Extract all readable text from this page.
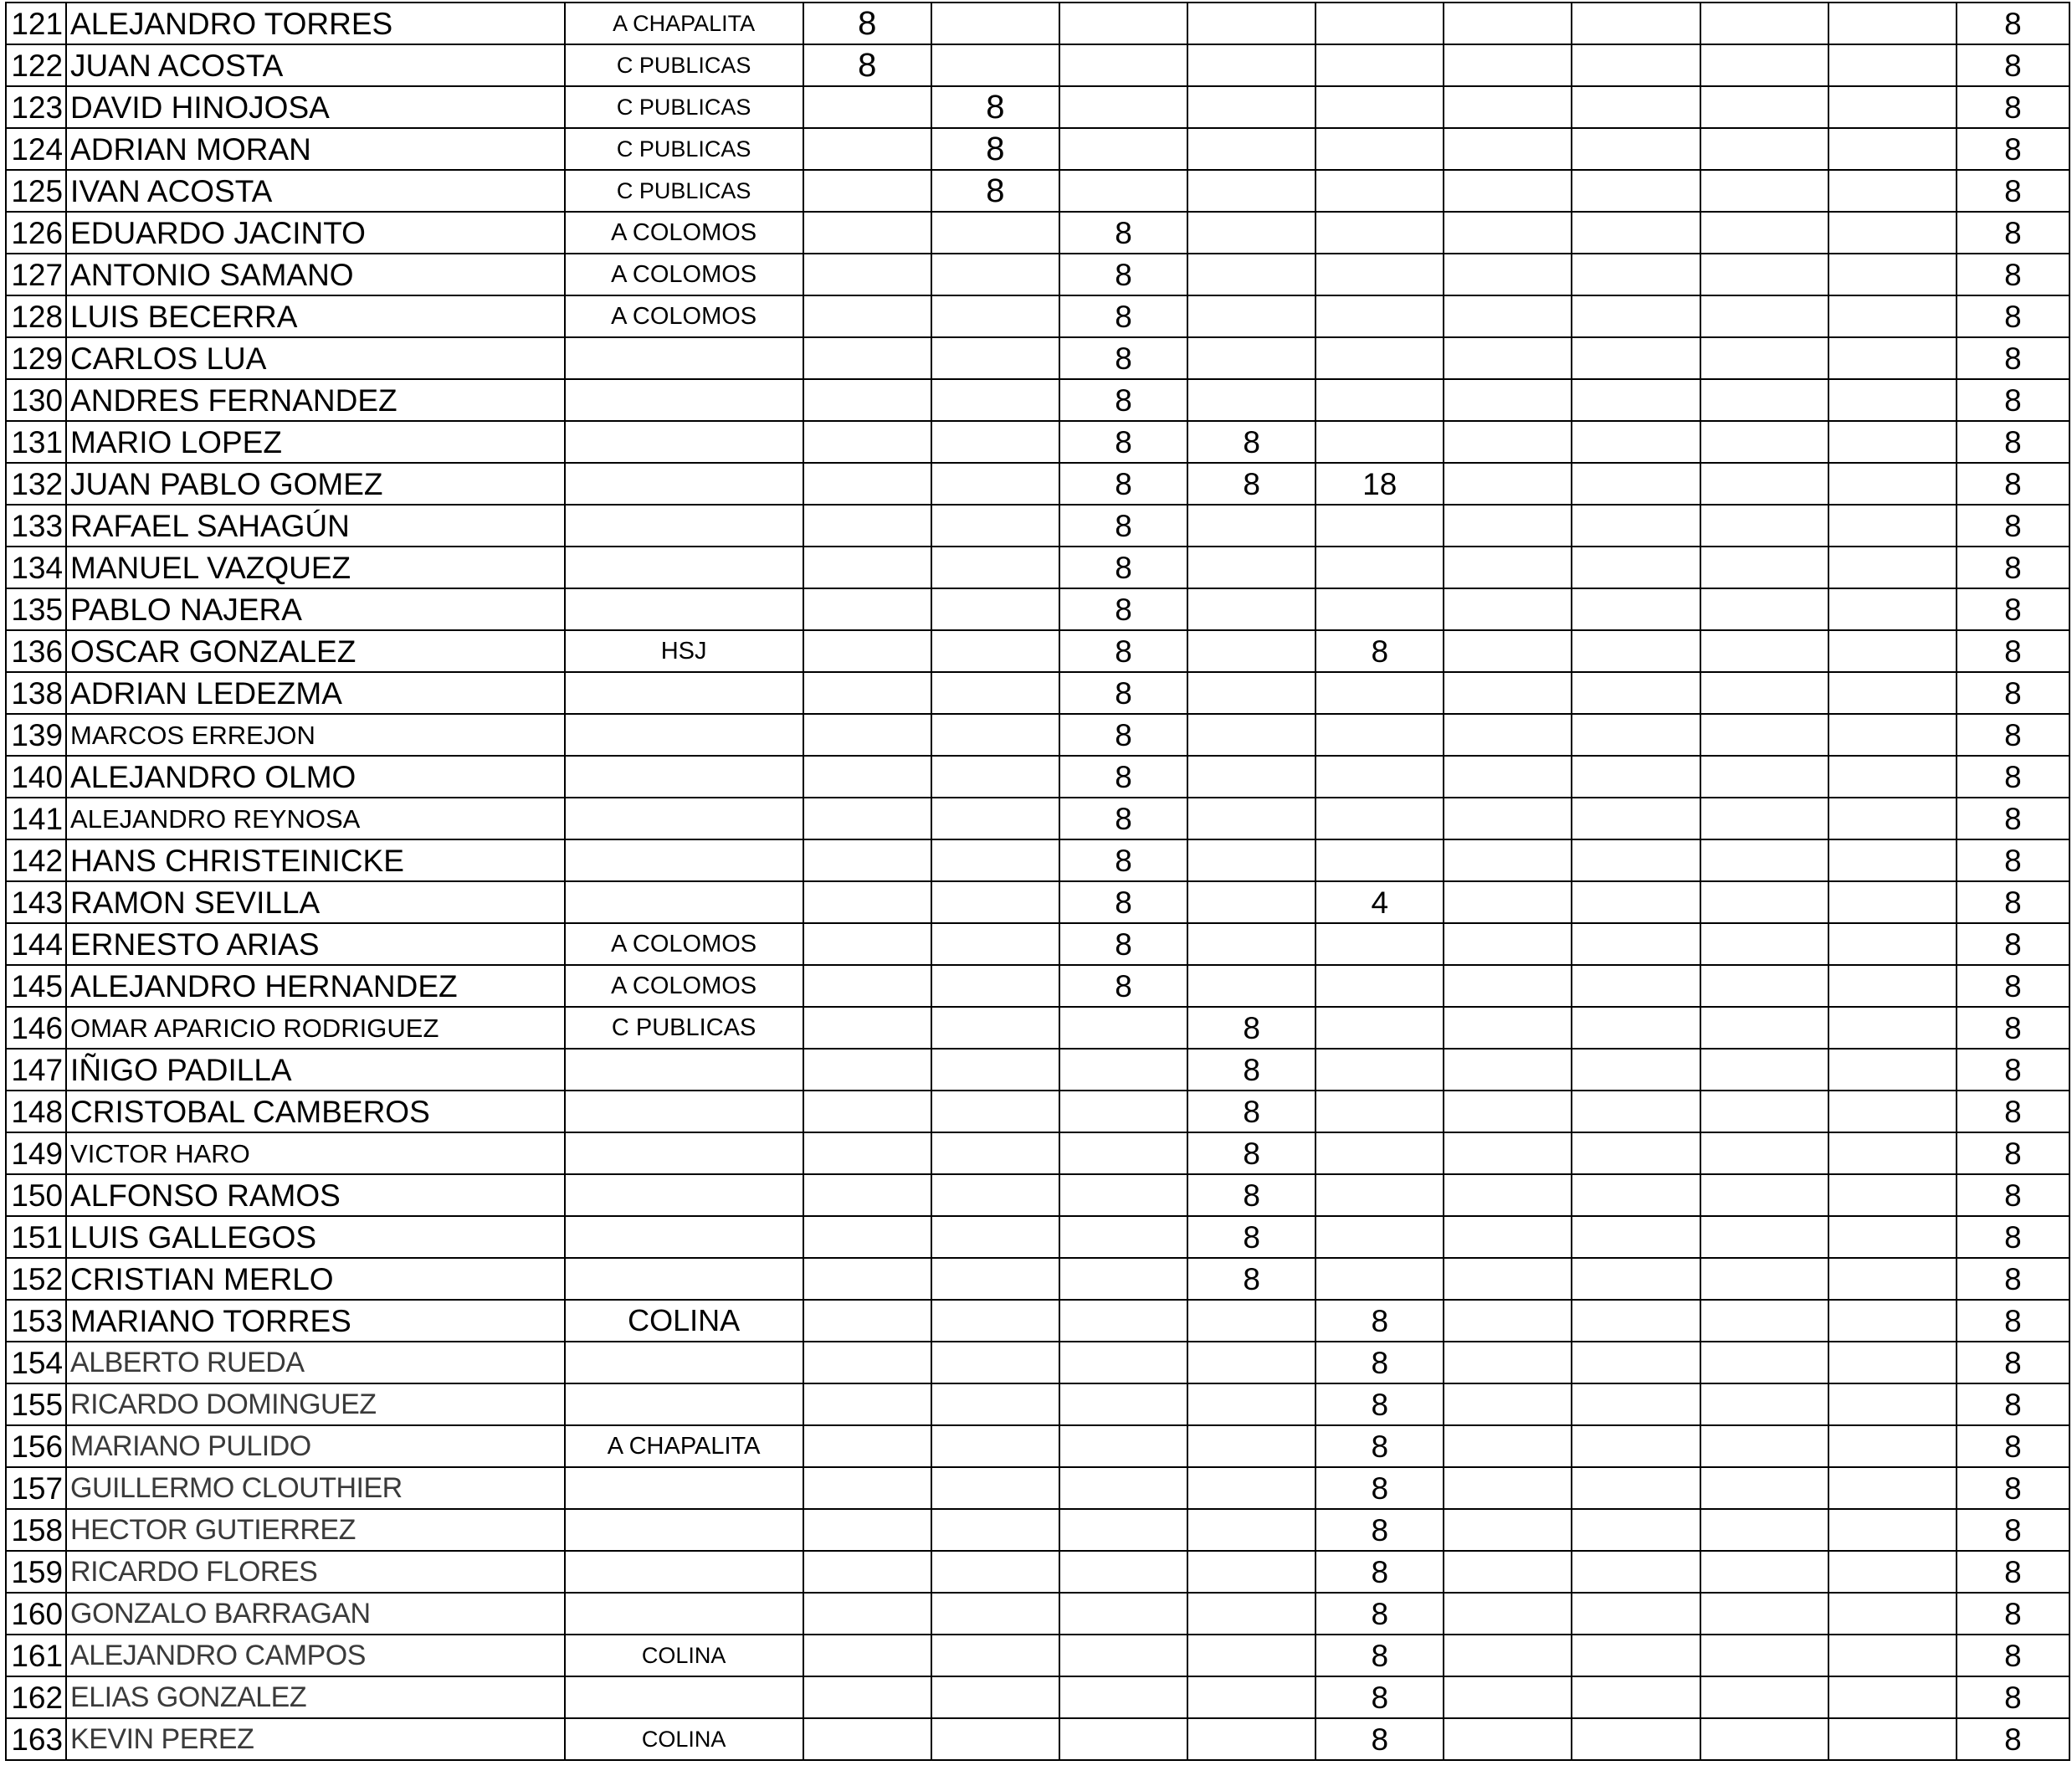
121	ALEJANDRO TORRES	A CHAPALITA	8									8
122	JUAN ACOSTA	C PUBLICAS	8									8
123	DAVID HINOJOSA	C PUBLICAS		8								8
124	ADRIAN MORAN	C PUBLICAS		8								8
125	IVAN ACOSTA	C PUBLICAS		8								8
126	EDUARDO JACINTO	A COLOMOS			8							8
127	ANTONIO SAMANO	A COLOMOS			8							8
128	LUIS BECERRA	A COLOMOS			8							8
129	CARLOS LUA				8							8
130	ANDRES FERNANDEZ				8							8
131	MARIO LOPEZ				8	8						8
132	JUAN PABLO GOMEZ				8	8	18					8
133	RAFAEL SAHAGÚN				8							8
134	MANUEL VAZQUEZ				8							8
135	PABLO NAJERA				8							8
136	OSCAR GONZALEZ	HSJ			8		8					8
138	ADRIAN LEDEZMA				8							8
139	MARCOS ERREJON				8							8
140	ALEJANDRO OLMO				8							8
141	ALEJANDRO REYNOSA				8							8
142	HANS CHRISTEINICKE				8							8
143	RAMON SEVILLA				8		4					8
144	ERNESTO ARIAS	A COLOMOS			8							8
145	ALEJANDRO HERNANDEZ	A COLOMOS			8							8
146	OMAR APARICIO RODRIGUEZ	C PUBLICAS				8						8
147	IÑIGO PADILLA					8						8
148	CRISTOBAL CAMBEROS					8						8
149	VICTOR HARO					8						8
150	ALFONSO RAMOS					8						8
151	LUIS GALLEGOS					8						8
152	CRISTIAN MERLO					8						8
153	MARIANO TORRES	COLINA					8					8
154	ALBERTO RUEDA						8					8
155	RICARDO DOMINGUEZ						8					8
156	MARIANO PULIDO	A CHAPALITA					8					8
157	GUILLERMO CLOUTHIER						8					8
158	HECTOR GUTIERREZ						8					8
159	RICARDO FLORES						8					8
160	GONZALO BARRAGAN						8					8
161	ALEJANDRO CAMPOS	COLINA					8					8
162	ELIAS GONZALEZ						8					8
163	KEVIN PEREZ	COLINA					8					8
